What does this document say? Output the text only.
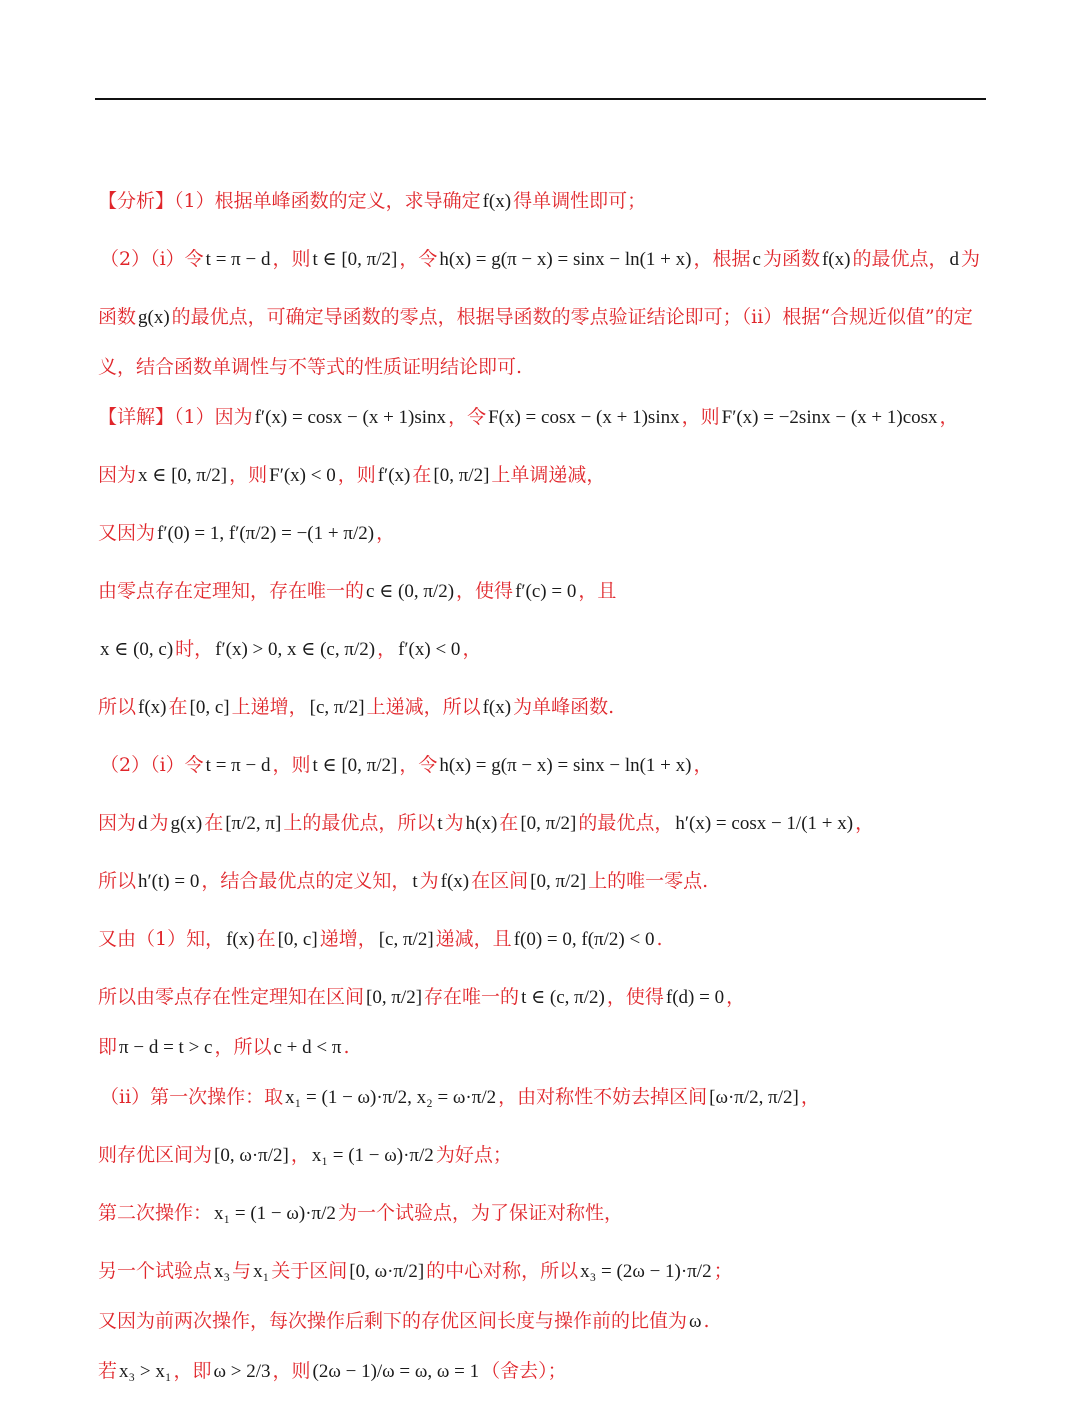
【分析】（1）根据单峰函数的定义，求导确定 f(x) 得单调性即可；
（2）（i）令 t = π − d ，则 t ∈ [0, π/2] ，令 h(x) = g(π − x) = sinx − ln(1 + x) ，根据 c 为函数 f(x) 的最优点， d 为
函数 g(x) 的最优点，可确定导函数的零点，根据导函数的零点验证结论即可；（ii）根据“合规近似值”的定
义，结合函数单调性与不等式的性质证明结论即可.
【详解】（1）因为 f′(x) = cosx − (x + 1)sinx ，令 F(x) = cosx − (x + 1)sinx ，则 F′(x) = −2sinx − (x + 1)cosx ，
因为 x ∈ [0, π/2] ，则 F′(x) < 0 ，则 f′(x) 在 [0, π/2] 上单调递减，
又因为 f′(0) = 1, f′(π/2) = −(1 + π/2) ，
由零点存在定理知，存在唯一的 c ∈ (0, π/2) ，使得 f′(c) = 0 ，且
x ∈ (0, c) 时， f′(x) > 0, x ∈ (c, π/2) ， f′(x) < 0 ，
所以 f(x) 在 [0, c] 上递增， [c, π/2] 上递减，所以 f(x) 为单峰函数.
（2）（i）令 t = π − d ，则 t ∈ [0, π/2] ，令 h(x) = g(π − x) = sinx − ln(1 + x) ，
因为 d 为 g(x) 在 [π/2, π] 上的最优点，所以 t 为 h(x) 在 [0, π/2] 的最优点， h′(x) = cosx − 1/(1 + x) ，
所以 h′(t) = 0 ，结合最优点的定义知， t 为 f(x) 在区间 [0, π/2] 上的唯一零点.
又由（1）知， f(x) 在 [0, c] 递增， [c, π/2] 递减，且 f(0) = 0, f(π/2) < 0 .
所以由零点存在性定理知在区间 [0, π/2] 存在唯一的 t ∈ (c, π/2) ，使得 f(d) = 0 ，
即 π − d = t > c ，所以 c + d < π .
（ii）第一次操作：取 x₁ = (1 − ω)·π/2, x₂ = ω·π/2 ，由对称性不妨去掉区间 [ω·π/2, π/2] ，
则存优区间为 [0, ω·π/2] ， x₁ = (1 − ω)·π/2 为好点；
第二次操作： x₁ = (1 − ω)·π/2 为一个试验点，为了保证对称性，
另一个试验点 x₃ 与 x₁ 关于区间 [0, ω·π/2] 的中心对称，所以 x₃ = (2ω − 1)·π/2 ；
又因为前两次操作，每次操作后剩下的存优区间长度与操作前的比值为 ω .
若 x₃ > x₁ ，即 ω > 2/3 ，则 (2ω − 1)/ω = ω, ω = 1 （舍去）；
